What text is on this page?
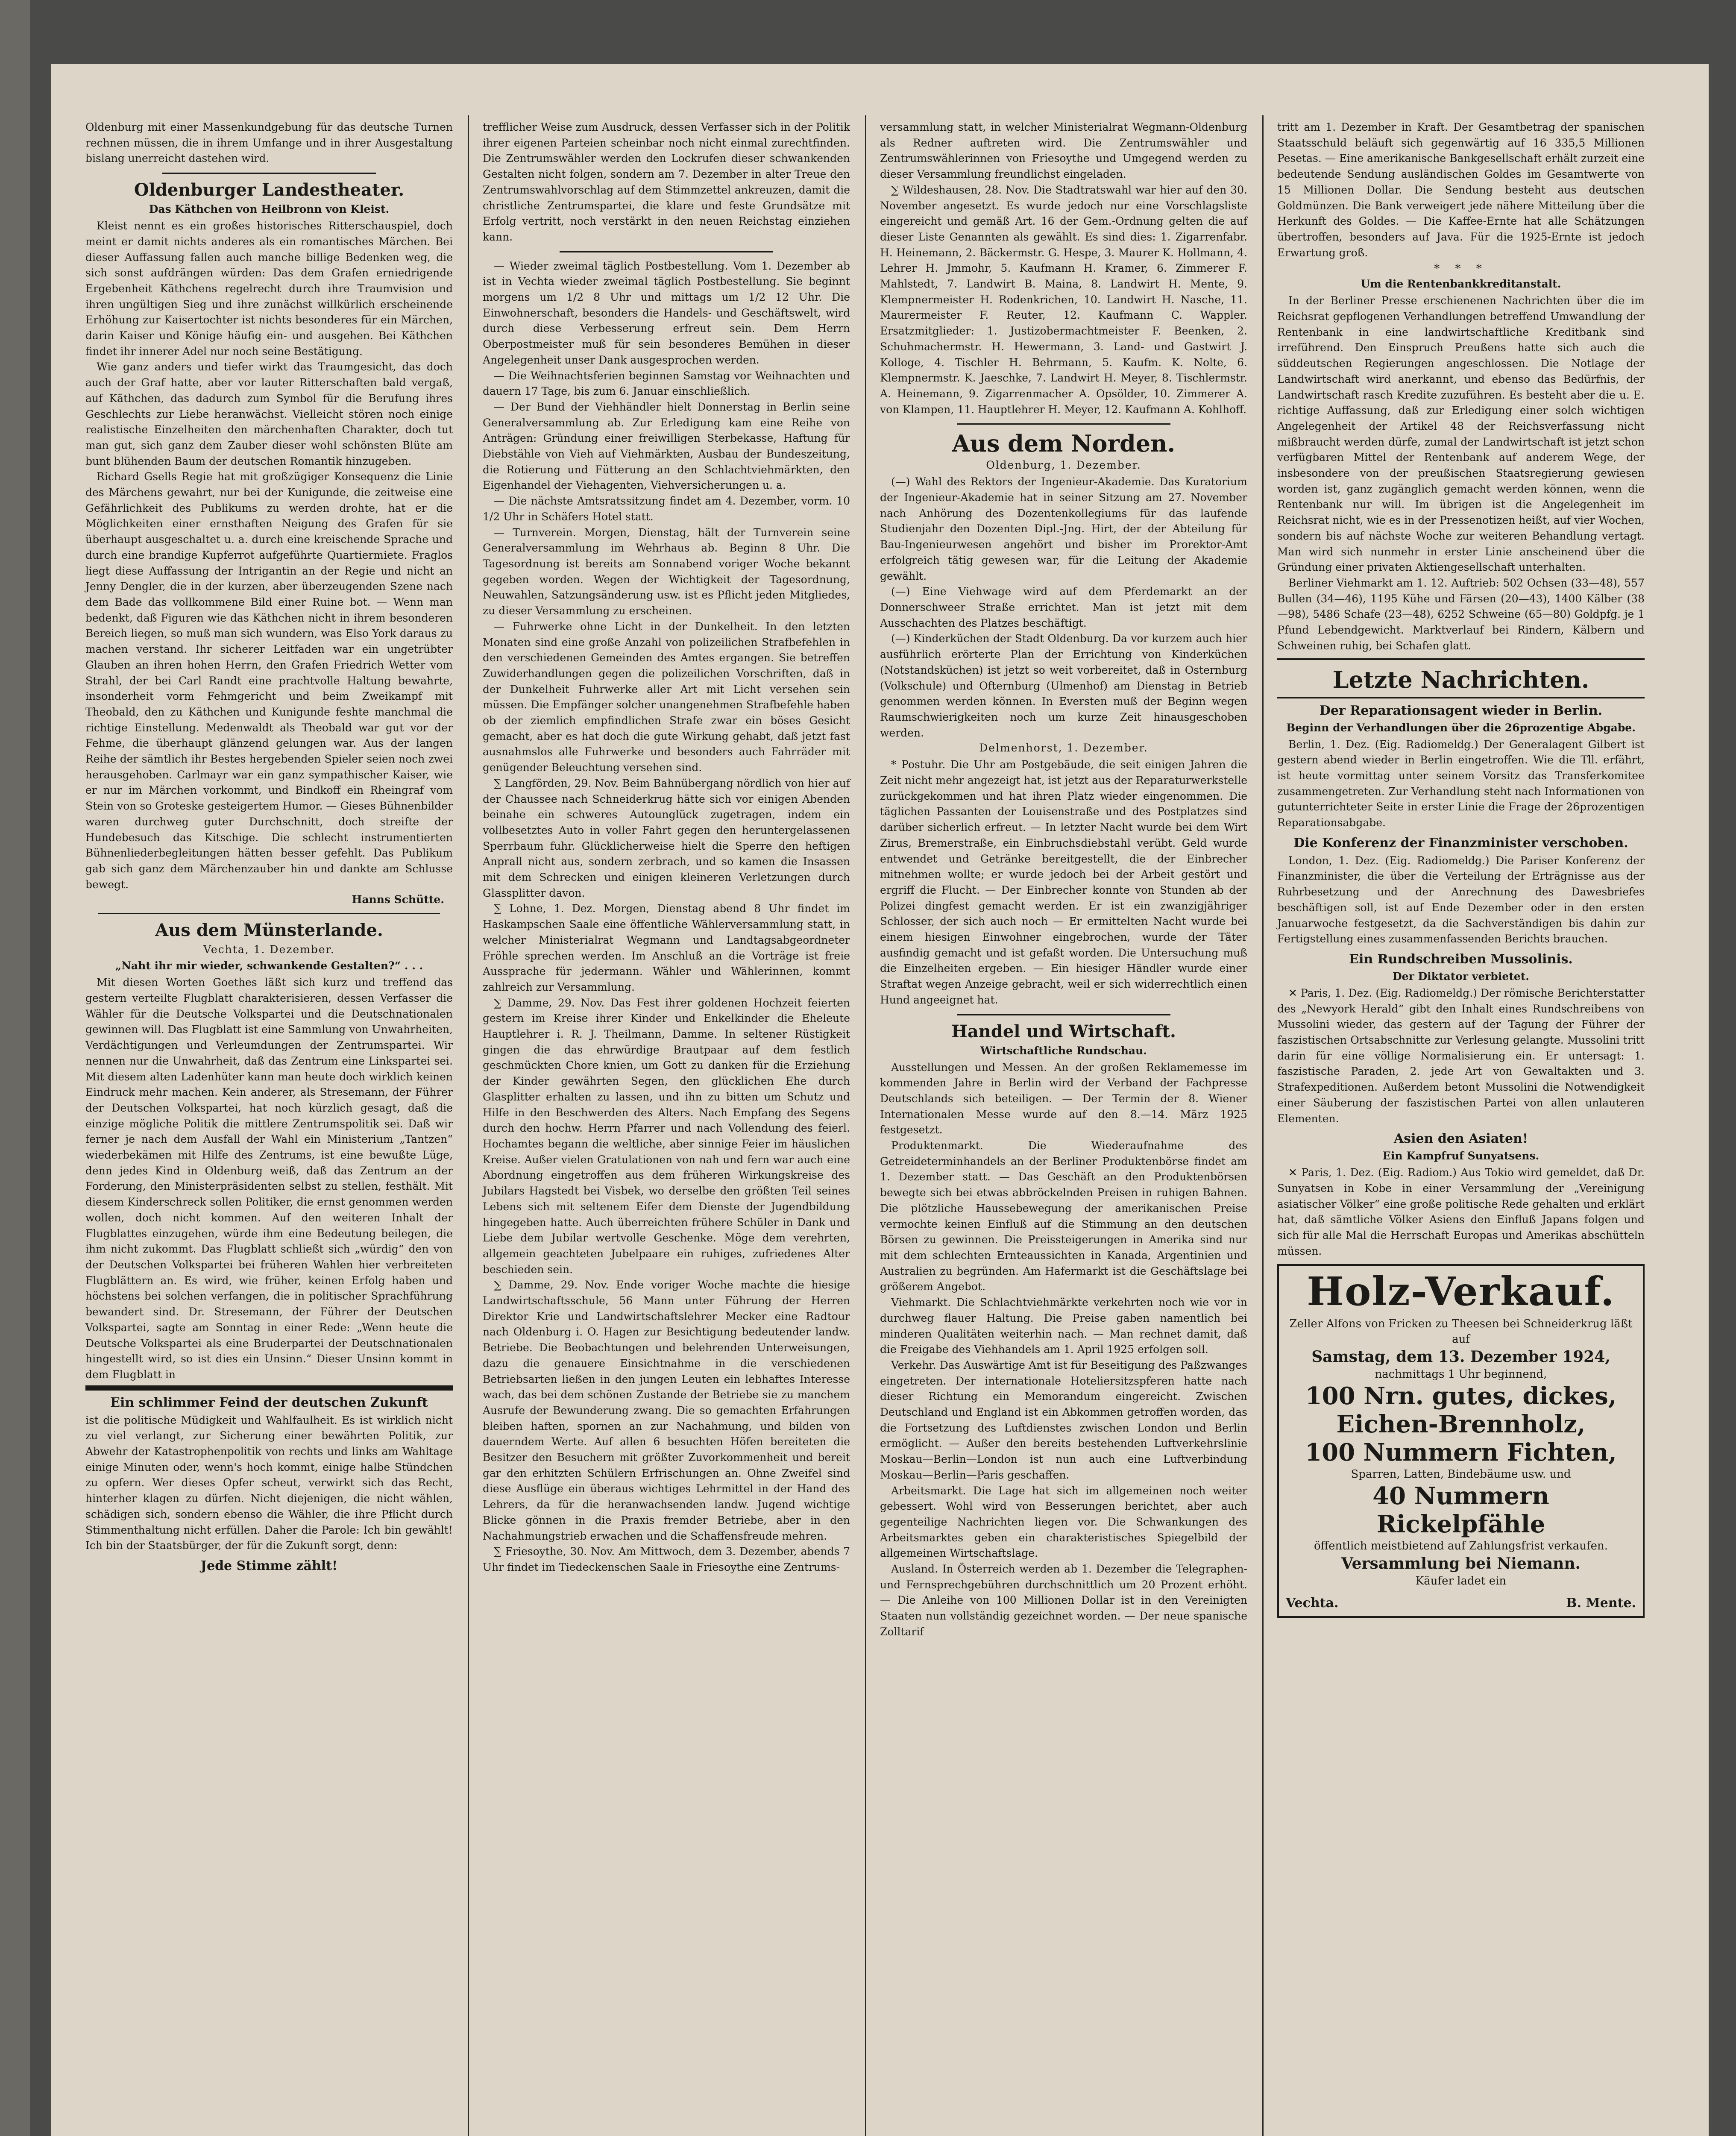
Oldenburg mit einer Massenkundgebung für das deutsche Turnen rechnen müssen, die in ihrem Umfange und in ihrer Ausgestaltung bislang unerreicht dastehen wird.

Oldenburger Landestheater.
Das Käthchen von Heilbronn von Kleist.

Kleist nennt es ein großes historisches Ritterschauspiel, doch meint er damit nichts anderes als ein romantisches Märchen. Bei dieser Auffassung fallen auch manche billige Bedenken weg, die sich sonst aufdrängen würden: Das dem Grafen erniedrigende Ergebenheit Käthchens regelrecht durch ihre Traumvision und ihren ungültigen Sieg und ihre zunächst willkürlich erscheinende Erhöhung zur Kaisertochter ist nichts besonderes für ein Märchen, darin Kaiser und Könige häufig ein- und ausgehen. Bei Käthchen findet ihr innerer Adel nur noch seine Bestätigung.

Wie ganz anders und tiefer wirkt das Traumgesicht, das doch auch der Graf hatte, aber vor lauter Ritterschaften bald vergaß, auf Käthchen, das dadurch zum Symbol für die Berufung ihres Geschlechts zur Liebe heranwächst. Vielleicht stören noch einige realistische Einzelheiten den märchenhaften Charakter, doch tut man gut, sich ganz dem Zauber dieser wohl schönsten Blüte am bunt blühenden Baum der deutschen Romantik hinzugeben.

Richard Gsells Regie hat mit großzügiger Konsequenz die Linie des Märchens gewahrt, nur bei der Kunigunde, die zeitweise eine Gefährlichkeit des Publikums zu werden drohte, hat er die Möglichkeiten einer ernsthaften Neigung des Grafen für sie überhaupt ausgeschaltet u. a. durch eine kreischende Sprache und durch eine brandige Kupferrot aufgeführte Quartiermiete. Fraglos liegt diese Auffassung der Intrigantin an der Regie und nicht an Jenny Dengler, die in der kurzen, aber überzeugenden Szene nach dem Bade das vollkommene Bild einer Ruine bot. — Wenn man bedenkt, daß Figuren wie das Käthchen nicht in ihrem besonderen Bereich liegen, so muß man sich wundern, was Elso York daraus zu machen verstand. Ihr sicherer Leitfaden war ein ungetrübter Glauben an ihren hohen Herrn, den Grafen Friedrich Wetter vom Strahl, der bei Carl Randt eine prachtvolle Haltung bewahrte, insonderheit vorm Fehmgericht und beim Zweikampf mit Theobald, den zu Käthchen und Kunigunde feshte manchmal die richtige Einstellung. Medenwaldt als Theobald war gut vor der Fehme, die überhaupt glänzend gelungen war. Aus der langen Reihe der sämtlich ihr Bestes hergebenden Spieler seien noch zwei herausgehoben. Carlmayr war ein ganz sympathischer Kaiser, wie er nur im Märchen vorkommt, und Bindkoff ein Rheingraf vom Stein von so Groteske gesteigertem Humor. — Gieses Bühnenbilder waren durchweg guter Durchschnitt, doch streifte der Hundebesuch das Kitschige. Die schlecht instrumentierten Bühnenliederbegleitungen hätten besser gefehlt. Das Publikum gab sich ganz dem Märchenzauber hin und dankte am Schlusse bewegt.

Hanns Schütte.
Aus dem Münsterlande.
Vechta, 1. Dezember.
„Naht ihr mir wieder, schwankende Gestalten?“ . . .

Mit diesen Worten Goethes läßt sich kurz und treffend das gestern verteilte Flugblatt charakterisieren, dessen Verfasser die Wähler für die Deutsche Volkspartei und die Deutschnationalen gewinnen will. Das Flugblatt ist eine Sammlung von Unwahrheiten, Verdächtigungen und Verleumdungen der Zentrumspartei. Wir nennen nur die Unwahrheit, daß das Zentrum eine Linkspartei sei. Mit diesem alten Ladenhüter kann man heute doch wirklich keinen Eindruck mehr machen. Kein anderer, als Stresemann, der Führer der Deutschen Volkspartei, hat noch kürzlich gesagt, daß die einzige mögliche Politik die mittlere Zentrumspolitik sei. Daß wir ferner je nach dem Ausfall der Wahl ein Ministerium „Tantzen“ wiederbekämen mit Hilfe des Zentrums, ist eine bewußte Lüge, denn jedes Kind in Oldenburg weiß, daß das Zentrum an der Forderung, den Ministerpräsidenten selbst zu stellen, festhält. Mit diesem Kinderschreck sollen Politiker, die ernst genommen werden wollen, doch nicht kommen. Auf den weiteren Inhalt der Flugblattes einzugehen, würde ihm eine Bedeutung beilegen, die ihm nicht zukommt. Das Flugblatt schließt sich „würdig“ den von der Deutschen Volkspartei bei früheren Wahlen hier verbreiteten Flugblättern an. Es wird, wie früher, keinen Erfolg haben und höchstens bei solchen verfangen, die in politischer Sprachführung bewandert sind. Dr. Stresemann, der Führer der Deutschen Volkspartei, sagte am Sonntag in einer Rede: „Wenn heute die Deutsche Volkspartei als eine Bruderpartei der Deutschnationalen hingestellt wird, so ist dies ein Unsinn.“ Dieser Unsinn kommt in dem Flugblatt in

Ein schlimmer Feind der deutschen Zukunft

ist die politische Müdigkeit und Wahlfaulheit. Es ist wirklich nicht zu viel verlangt, zur Sicherung einer bewährten Politik, zur Abwehr der Katastrophenpolitik von rechts und links am Wahltage einige Minuten oder, wenn's hoch kommt, einige halbe Stündchen zu opfern. Wer dieses Opfer scheut, verwirkt sich das Recht, hinterher klagen zu dürfen. Nicht diejenigen, die nicht wählen, schädigen sich, sondern ebenso die Wähler, die ihre Pflicht durch Stimmenthaltung nicht erfüllen. Daher die Parole: Ich bin gewählt! Ich bin der Staatsbürger, der für die Zukunft sorgt, denn:

Jede Stimme zählt!

trefflicher Weise zum Ausdruck, dessen Verfasser sich in der Politik ihrer eigenen Parteien scheinbar noch nicht einmal zurechtfinden. Die Zentrumswähler werden den Lockrufen dieser schwankenden Gestalten nicht folgen, sondern am 7. Dezember in alter Treue den Zentrumswahlvorschlag auf dem Stimmzettel ankreuzen, damit die christliche Zentrumspartei, die klare und feste Grundsätze mit Erfolg vertritt, noch verstärkt in den neuen Reichstag einziehen kann.

— Wieder zweimal täglich Postbestellung. Vom 1. Dezember ab ist in Vechta wieder zweimal täglich Postbestellung. Sie beginnt morgens um 1/2 8 Uhr und mittags um 1/2 12 Uhr. Die Einwohnerschaft, besonders die Handels- und Geschäftswelt, wird durch diese Verbesserung erfreut sein. Dem Herrn Oberpostmeister muß für sein besonderes Bemühen in dieser Angelegenheit unser Dank ausgesprochen werden.

— Die Weihnachtsferien beginnen Samstag vor Weihnachten und dauern 17 Tage, bis zum 6. Januar einschließlich.

— Der Bund der Viehhändler hielt Donnerstag in Berlin seine Generalversammlung ab. Zur Erledigung kam eine Reihe von Anträgen: Gründung einer freiwilligen Sterbekasse, Haftung für Diebstähle von Vieh auf Viehmärkten, Ausbau der Bundeszeitung, die Rotierung und Fütterung an den Schlachtviehmärkten, den Eigenhandel der Viehagenten, Viehversicherungen u. a.

— Die nächste Amtsratssitzung findet am 4. Dezember, vorm. 10 1/2 Uhr in Schäfers Hotel statt.

— Turnverein. Morgen, Dienstag, hält der Turnverein seine Generalversammlung im Wehrhaus ab. Beginn 8 Uhr. Die Tagesordnung ist bereits am Sonnabend voriger Woche bekannt gegeben worden. Wegen der Wichtigkeit der Tagesordnung, Neuwahlen, Satzungsänderung usw. ist es Pflicht jeden Mitgliedes, zu dieser Versammlung zu erscheinen.

— Fuhrwerke ohne Licht in der Dunkelheit. In den letzten Monaten sind eine große Anzahl von polizeilichen Strafbefehlen in den verschiedenen Gemeinden des Amtes ergangen. Sie betreffen Zuwiderhandlungen gegen die polizeilichen Vorschriften, daß in der Dunkelheit Fuhrwerke aller Art mit Licht versehen sein müssen. Die Empfänger solcher unangenehmen Strafbefehle haben ob der ziemlich empfindlichen Strafe zwar ein böses Gesicht gemacht, aber es hat doch die gute Wirkung gehabt, daß jetzt fast ausnahmslos alle Fuhrwerke und besonders auch Fahrräder mit genügender Beleuchtung versehen sind.

∑ Langförden, 29. Nov. Beim Bahnübergang nördlich von hier auf der Chaussee nach Schneiderkrug hätte sich vor einigen Abenden beinahe ein schweres Autounglück zugetragen, indem ein vollbesetztes Auto in voller Fahrt gegen den heruntergelassenen Sperrbaum fuhr. Glücklicherweise hielt die Sperre den heftigen Anprall nicht aus, sondern zerbrach, und so kamen die Insassen mit dem Schrecken und einigen kleineren Verletzungen durch Glassplitter davon.

∑ Lohne, 1. Dez. Morgen, Dienstag abend 8 Uhr findet im Haskampschen Saale eine öffentliche Wählerversammlung statt, in welcher Ministerialrat Wegmann und Landtagsabgeordneter Fröhle sprechen werden. Im Anschluß an die Vorträge ist freie Aussprache für jedermann. Wähler und Wählerinnen, kommt zahlreich zur Versammlung.

∑ Damme, 29. Nov. Das Fest ihrer goldenen Hochzeit feierten gestern im Kreise ihrer Kinder und Enkelkinder die Eheleute Hauptlehrer i. R. J. Theilmann, Damme. In seltener Rüstigkeit gingen die das ehrwürdige Brautpaar auf dem festlich geschmückten Chore knien, um Gott zu danken für die Erziehung der Kinder gewährten Segen, den glücklichen Ehe durch Glasplitter erhalten zu lassen, und ihn zu bitten um Schutz und Hilfe in den Beschwerden des Alters. Nach Empfang des Segens durch den hochw. Herrn Pfarrer und nach Vollendung des feierl. Hochamtes begann die weltliche, aber sinnige Feier im häuslichen Kreise. Außer vielen Gratulationen von nah und fern war auch eine Abordnung eingetroffen aus dem früheren Wirkungskreise des Jubilars Hagstedt bei Visbek, wo derselbe den größten Teil seines Lebens sich mit seltenem Eifer dem Dienste der Jugendbildung hingegeben hatte. Auch überreichten frühere Schüler in Dank und Liebe dem Jubilar wertvolle Geschenke. Möge dem verehrten, allgemein geachteten Jubelpaare ein ruhiges, zufriedenes Alter beschieden sein.

∑ Damme, 29. Nov. Ende voriger Woche machte die hiesige Landwirtschaftsschule, 56 Mann unter Führung der Herren Direktor Krie und Landwirtschaftslehrer Mecker eine Radtour nach Oldenburg i. O. Hagen zur Besichtigung bedeutender landw. Betriebe. Die Beobachtungen und belehrenden Unterweisungen, dazu die genauere Einsichtnahme in die verschiedenen Betriebsarten ließen in den jungen Leuten ein lebhaftes Interesse wach, das bei dem schönen Zustande der Betriebe sie zu manchem Ausrufe der Bewunderung zwang. Die so gemachten Erfahrungen bleiben haften, spornen an zur Nachahmung, und bilden von dauerndem Werte. Auf allen 6 besuchten Höfen bereiteten die Besitzer den Besuchern mit größter Zuvorkommenheit und bereit gar den erhitzten Schülern Erfrischungen an. Ohne Zweifel sind diese Ausflüge ein überaus wichtiges Lehrmittel in der Hand des Lehrers, da für die heranwachsenden landw. Jugend wichtige Blicke gönnen in die Praxis fremder Betriebe, aber in den Nachahmungstrieb erwachen und die Schaffensfreude mehren.

∑ Friesoythe, 30. Nov. Am Mittwoch, dem 3. Dezember, abends 7 Uhr findet im Tiedeckenschen Saale in Friesoythe eine Zentrums-

versammlung statt, in welcher Ministerialrat Wegmann-Oldenburg als Redner auftreten wird. Die Zentrumswähler und Zentrumswählerinnen von Friesoythe und Umgegend werden zu dieser Versammlung freundlichst eingeladen.

∑ Wildeshausen, 28. Nov. Die Stadtratswahl war hier auf den 30. November angesetzt. Es wurde jedoch nur eine Vorschlagsliste eingereicht und gemäß Art. 16 der Gem.-Ordnung gelten die auf dieser Liste Genannten als gewählt. Es sind dies: 1. Zigarrenfabr. H. Heinemann, 2. Bäckermstr. G. Hespe, 3. Maurer K. Hollmann, 4. Lehrer H. Jmmohr, 5. Kaufmann H. Kramer, 6. Zimmerer F. Mahlstedt, 7. Landwirt B. Maina, 8. Landwirt H. Mente, 9. Klempnermeister H. Rodenkrichen, 10. Landwirt H. Nasche, 11. Maurermeister F. Reuter, 12. Kaufmann C. Wappler. Ersatzmitglieder: 1. Justizobermachtmeister F. Beenken, 2. Schuhmachermstr. H. Hewermann, 3. Land- und Gastwirt J. Kolloge, 4. Tischler H. Behrmann, 5. Kaufm. K. Nolte, 6. Klempnermstr. K. Jaeschke, 7. Landwirt H. Meyer, 8. Tischlermstr. A. Heinemann, 9. Zigarrenmacher A. Opsölder, 10. Zimmerer A. von Klampen, 11. Hauptlehrer H. Meyer, 12. Kaufmann A. Kohlhoff.

Aus dem Norden.
Oldenburg, 1. Dezember.

(—) Wahl des Rektors der Ingenieur-Akademie. Das Kuratorium der Ingenieur-Akademie hat in seiner Sitzung am 27. November nach Anhörung des Dozentenkollegiums für das laufende Studienjahr den Dozenten Dipl.-Jng. Hirt, der der Abteilung für Bau-Ingenieurwesen angehört und bisher im Prorektor-Amt erfolgreich tätig gewesen war, für die Leitung der Akademie gewählt.

(—) Eine Viehwage wird auf dem Pferdemarkt an der Donnerschweer Straße errichtet. Man ist jetzt mit dem Ausschachten des Platzes beschäftigt.

(—) Kinderküchen der Stadt Oldenburg. Da vor kurzem auch hier ausführlich erörterte Plan der Errichtung von Kinderküchen (Notstandsküchen) ist jetzt so weit vorbereitet, daß in Osternburg (Volkschule) und Ofternburg (Ulmenhof) am Dienstag in Betrieb genommen werden können. In Eversten muß der Beginn wegen Raumschwierigkeiten noch um kurze Zeit hinausgeschoben werden.

Delmenhorst, 1. Dezember.

* Postuhr. Die Uhr am Postgebäude, die seit einigen Jahren die Zeit nicht mehr angezeigt hat, ist jetzt aus der Reparaturwerkstelle zurückgekommen und hat ihren Platz wieder eingenommen. Die täglichen Passanten der Louisenstraße und des Postplatzes sind darüber sicherlich erfreut. — In letzter Nacht wurde bei dem Wirt Zirus, Bremerstraße, ein Einbruchsdiebstahl verübt. Geld wurde entwendet und Getränke bereitgestellt, die der Einbrecher mitnehmen wollte; er wurde jedoch bei der Arbeit gestört und ergriff die Flucht. — Der Einbrecher konnte von Stunden ab der Polizei dingfest gemacht werden. Er ist ein zwanzigjähriger Schlosser, der sich auch noch — Er ermittelten Nacht wurde bei einem hiesigen Einwohner eingebrochen, wurde der Täter ausfindig gemacht und ist gefaßt worden. Die Untersuchung muß die Einzelheiten ergeben. — Ein hiesiger Händler wurde einer Straftat wegen Anzeige gebracht, weil er sich widerrechtlich einen Hund angeeignet hat.

Handel und Wirtschaft.
Wirtschaftliche Rundschau.

Ausstellungen und Messen. An der großen Reklamemesse im kommenden Jahre in Berlin wird der Verband der Fachpresse Deutschlands sich beteiligen. — Der Termin der 8. Wiener Internationalen Messe wurde auf den 8.—14. März 1925 festgesetzt.

Produktenmarkt. Die Wiederaufnahme des Getreideterminhandels an der Berliner Produktenbörse findet am 1. Dezember statt. — Das Geschäft an den Produktenbörsen bewegte sich bei etwas abbröckelnden Preisen in ruhigen Bahnen. Die plötzliche Haussebewegung der amerikanischen Preise vermochte keinen Einfluß auf die Stimmung an den deutschen Börsen zu gewinnen. Die Preissteigerungen in Amerika sind nur mit dem schlechten Ernteaussichten in Kanada, Argentinien und Australien zu begründen. Am Hafermarkt ist die Geschäftslage bei größerem Angebot.

Viehmarkt. Die Schlachtviehmärkte verkehrten noch wie vor in durchweg flauer Haltung. Die Preise gaben namentlich bei minderen Qualitäten weiterhin nach. — Man rechnet damit, daß die Freigabe des Viehhandels am 1. April 1925 erfolgen soll.

Verkehr. Das Auswärtige Amt ist für Beseitigung des Paßzwanges eingetreten. Der internationale Hoteliersitzspferen hatte nach dieser Richtung ein Memorandum eingereicht. Zwischen Deutschland und England ist ein Abkommen getroffen worden, das die Fortsetzung des Luftdienstes zwischen London und Berlin ermöglicht. — Außer den bereits bestehenden Luftverkehrslinie Moskau—Berlin—London ist nun auch eine Luftverbindung Moskau—Berlin—Paris geschaffen.

Arbeitsmarkt. Die Lage hat sich im allgemeinen noch weiter gebessert. Wohl wird von Besserungen berichtet, aber auch gegenteilige Nachrichten liegen vor. Die Schwankungen des Arbeitsmarktes geben ein charakteristisches Spiegelbild der allgemeinen Wirtschaftslage.

Ausland. In Österreich werden ab 1. Dezember die Telegraphen- und Fernsprechgebühren durchschnittlich um 20 Prozent erhöht. — Die Anleihe von 100 Millionen Dollar ist in den Vereinigten Staaten nun vollständig gezeichnet worden. — Der neue spanische Zolltarif

tritt am 1. Dezember in Kraft. Der Gesamtbetrag der spanischen Staatsschuld beläuft sich gegenwärtig auf 16 335,5 Millionen Pesetas. — Eine amerikanische Bankgesellschaft erhält zurzeit eine bedeutende Sendung ausländischen Goldes im Gesamtwerte von 15 Millionen Dollar. Die Sendung besteht aus deutschen Goldmünzen. Die Bank verweigert jede nähere Mitteilung über die Herkunft des Goldes. — Die Kaffee-Ernte hat alle Schätzungen übertroffen, besonders auf Java. Für die 1925-Ernte ist jedoch Erwartung groß.

* * *
Um die Rentenbankkreditanstalt.

In der Berliner Presse erschienenen Nachrichten über die im Reichsrat gepflogenen Verhandlungen betreffend Umwandlung der Rentenbank in eine landwirtschaftliche Kreditbank sind irreführend. Den Einspruch Preußens hatte sich auch die süddeutschen Regierungen angeschlossen. Die Notlage der Landwirtschaft wird anerkannt, und ebenso das Bedürfnis, der Landwirtschaft rasch Kredite zuzuführen. Es besteht aber die u. E. richtige Auffassung, daß zur Erledigung einer solch wichtigen Angelegenheit der Artikel 48 der Reichsverfassung nicht mißbraucht werden dürfe, zumal der Landwirtschaft ist jetzt schon verfügbaren Mittel der Rentenbank auf anderem Wege, der insbesondere von der preußischen Staatsregierung gewiesen worden ist, ganz zugänglich gemacht werden können, wenn die Rentenbank nur will. Im übrigen ist die Angelegenheit im Reichsrat nicht, wie es in der Pressenotizen heißt, auf vier Wochen, sondern bis auf nächste Woche zur weiteren Behandlung vertagt. Man wird sich nunmehr in erster Linie anscheinend über die Gründung einer privaten Aktiengesellschaft unterhalten.

Berliner Viehmarkt am 1. 12. Auftrieb: 502 Ochsen (33—48), 557 Bullen (34—46), 1195 Kühe und Färsen (20—43), 1400 Kälber (38—98), 5486 Schafe (23—48), 6252 Schweine (65—80) Goldpfg. je 1 Pfund Lebendgewicht. Marktverlauf bei Rindern, Kälbern und Schweinen ruhig, bei Schafen glatt.

Letzte Nachrichten.
Der Reparationsagent wieder in Berlin.
Beginn der Verhandlungen über die 26prozentige Abgabe.

Berlin, 1. Dez. (Eig. Radiomeldg.) Der Generalagent Gilbert ist gestern abend wieder in Berlin eingetroffen. Wie die Tll. erfährt, ist heute vormittag unter seinem Vorsitz das Transferkomitee zusammengetreten. Zur Verhandlung steht nach Informationen von gutunterrichteter Seite in erster Linie die Frage der 26prozentigen Reparationsabgabe.

Die Konferenz der Finanzminister verschoben.

London, 1. Dez. (Eig. Radiomeldg.) Die Pariser Konferenz der Finanzminister, die über die Verteilung der Erträgnisse aus der Ruhrbesetzung und der Anrechnung des Dawesbriefes beschäftigen soll, ist auf Ende Dezember oder in den ersten Januarwoche festgesetzt, da die Sachverständigen bis dahin zur Fertigstellung eines zusammenfassenden Berichts brauchen.

Ein Rundschreiben Mussolinis.
Der Diktator verbietet.

✕ Paris, 1. Dez. (Eig. Radiomeldg.) Der römische Berichterstatter des „Newyork Herald“ gibt den Inhalt eines Rundschreibens von Mussolini wieder, das gestern auf der Tagung der Führer der faszistischen Ortsabschnitte zur Verlesung gelangte. Mussolini tritt darin für eine völlige Normalisierung ein. Er untersagt: 1. faszistische Paraden, 2. jede Art von Gewaltakten und 3. Strafexpeditionen. Außerdem betont Mussolini die Notwendigkeit einer Säuberung der faszistischen Partei von allen unlauteren Elementen.

Asien den Asiaten!
Ein Kampfruf Sunyatsens.

✕ Paris, 1. Dez. (Eig. Radiom.) Aus Tokio wird gemeldet, daß Dr. Sunyatsen in Kobe in einer Versammlung der „Vereinigung asiatischer Völker“ eine große politische Rede gehalten und erklärt hat, daß sämtliche Völker Asiens den Einfluß Japans folgen und sich für alle Mal die Herrschaft Europas und Amerikas abschütteln müssen.

Holz-Verkauf.

Zeller Alfons von Fricken zu Theesen bei Schneiderkrug läßt auf

Samstag, dem 13. Dezember 1924,

nachmittags 1 Uhr beginnend,

100 Nrn. gutes, dickes,

Eichen-Brennholz,

100 Nummern Fichten,

Sparren, Latten, Bindebäume usw. und

40 Nummern Rickelpfähle

öffentlich meistbietend auf Zahlungsfrist verkaufen.

Versammlung bei Niemann.

Käufer ladet ein

Vechta.	B. Mente.
